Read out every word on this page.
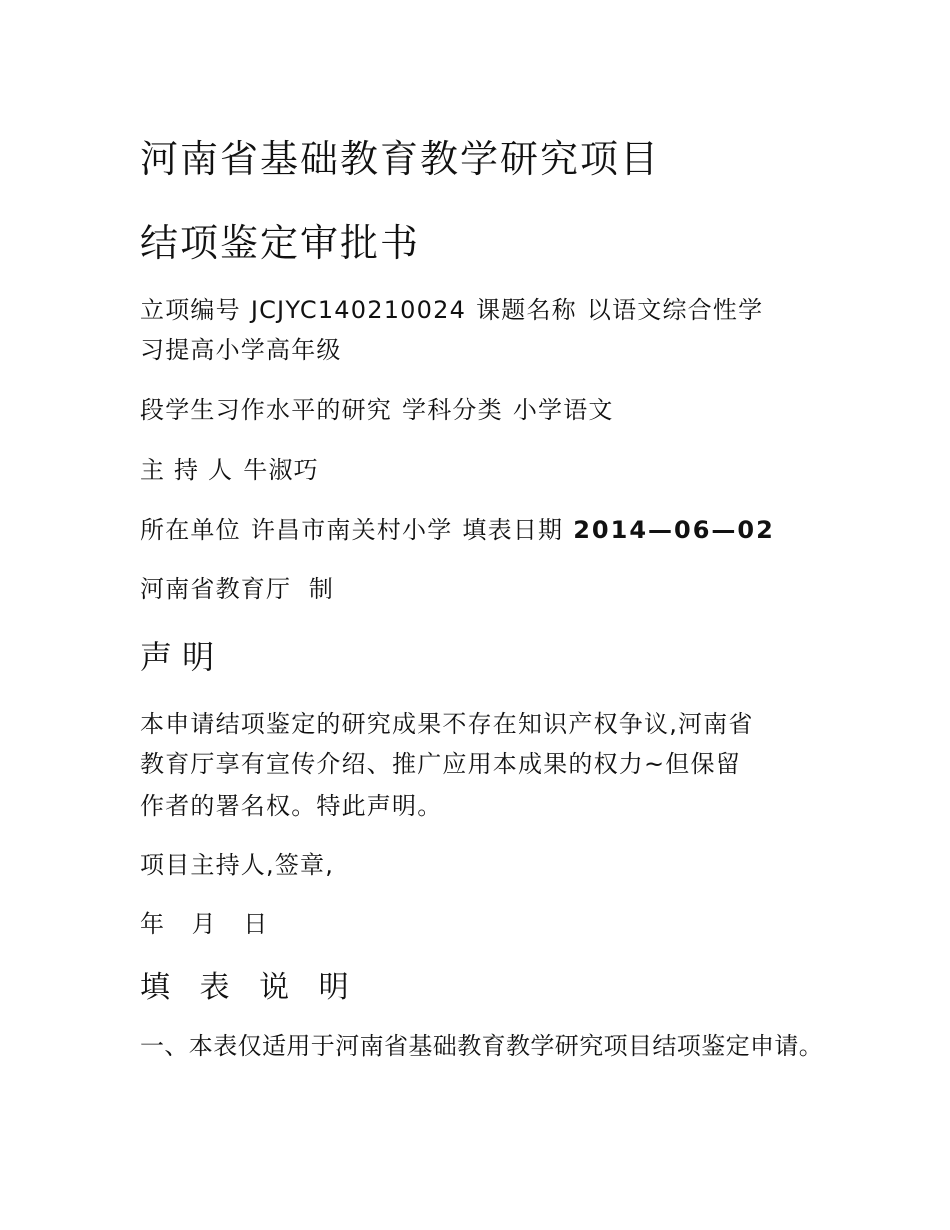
河南省基础教育教学研究项目
结项鉴定审批书
立项编号 JCJYC140210024 课题名称 以语文综合性学
习提高小学高年级
段学生习作水平的研究 学科分类 小学语文
主 持 人 牛淑巧
所在单位 许昌市南关村小学 填表日期 2014—06—02
河南省教育厅  制
声 明
本申请结项鉴定的研究成果不存在知识产权争议,河南省
教育厅享有宣传介绍、推广应用本成果的权力~但保留
作者的署名权。特此声明。
项目主持人,签章,
年 月 日
填 表 说 明
一、本表仅适用于河南省基础教育教学研究项目结项鉴定申请。
